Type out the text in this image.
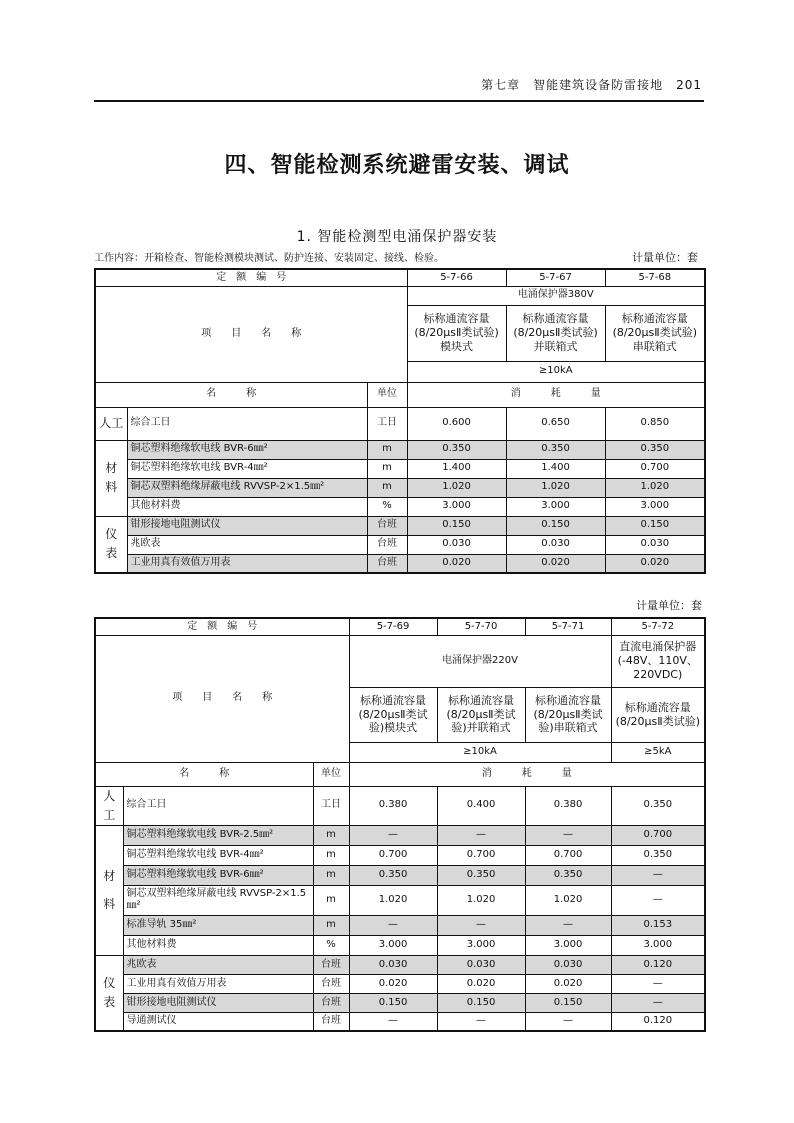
第七章　智能建筑设备防雷接地　201
四、智能检测系统避雷安装、调试
1. 智能检测型电涌保护器安装
工作内容：开箱检查、智能检测模块测试、防护连接、安装固定、接线、检验。	计量单位：套
定　额　编　号			5-7-66	5-7-67	5-7-68
项　　目　　名　　称			电涌保护器380V		
			标称通流容量(8/20μsⅡ类试验)模块式	标称通流容量(8/20μsⅡ类试验)并联箱式	标称通流容量(8/20μsⅡ类试验)串联箱式
			≥10kA		
名　　　称		单位	消　　　耗　　　量		
人工	综合工日	工日	0.600	0.650	0.850
材料	铜芯塑料绝缘软电线 BVR-6㎜²	m	0.350	0.350	0.350
	铜芯塑料绝缘软电线 BVR-4㎜²	m	1.400	1.400	0.700
	铜芯双塑料绝缘屏蔽电线 RVVSP-2×1.5㎜²	m	1.020	1.020	1.020
	其他材料费	%	3.000	3.000	3.000
仪表	钳形接地电阻测试仪	台班	0.150	0.150	0.150
	兆欧表	台班	0.030	0.030	0.030
	工业用真有效值万用表	台班	0.020	0.020	0.020
计量单位：套
定　额　编　号			5-7-69	5-7-70	5-7-71	5-7-72
项　　目　　名　　称			电涌保护器220V			直流电涌保护器(-48V、110V、220VDC)
			标称通流容量(8/20μsⅡ类试验)模块式	标称通流容量(8/20μsⅡ类试验)并联箱式	标称通流容量(8/20μsⅡ类试验)串联箱式	标称通流容量(8/20μsⅡ类试验)
			≥10kA			≥5kA
名　　　称		单位	消　　　耗　　　量			
人工	综合工日	工日	0.380	0.400	0.380	0.350

材
料	铜芯塑料绝缘软电线 BVR-2.5㎜²	m	—	—	—	0.700
	铜芯塑料绝缘软电线 BVR-4㎜²	m	0.700	0.700	0.700	0.350
	铜芯塑料绝缘软电线 BVR-6㎜²	m	0.350	0.350	0.350	—
	铜芯双塑料绝缘屏蔽电线 RVVSP-2×1.5㎜²	m	1.020	1.020	1.020	—
	标准导轨 35㎜²	m	—	—	—	0.153
	其他材料费	%	3.000	3.000	3.000	3.000
仪表	兆欧表	台班	0.030	0.030	0.030	0.120
	工业用真有效值万用表	台班	0.020	0.020	0.020	—
	钳形接地电阻测试仪	台班	0.150	0.150	0.150	—
	导通测试仪	台班	—	—	—	0.120
